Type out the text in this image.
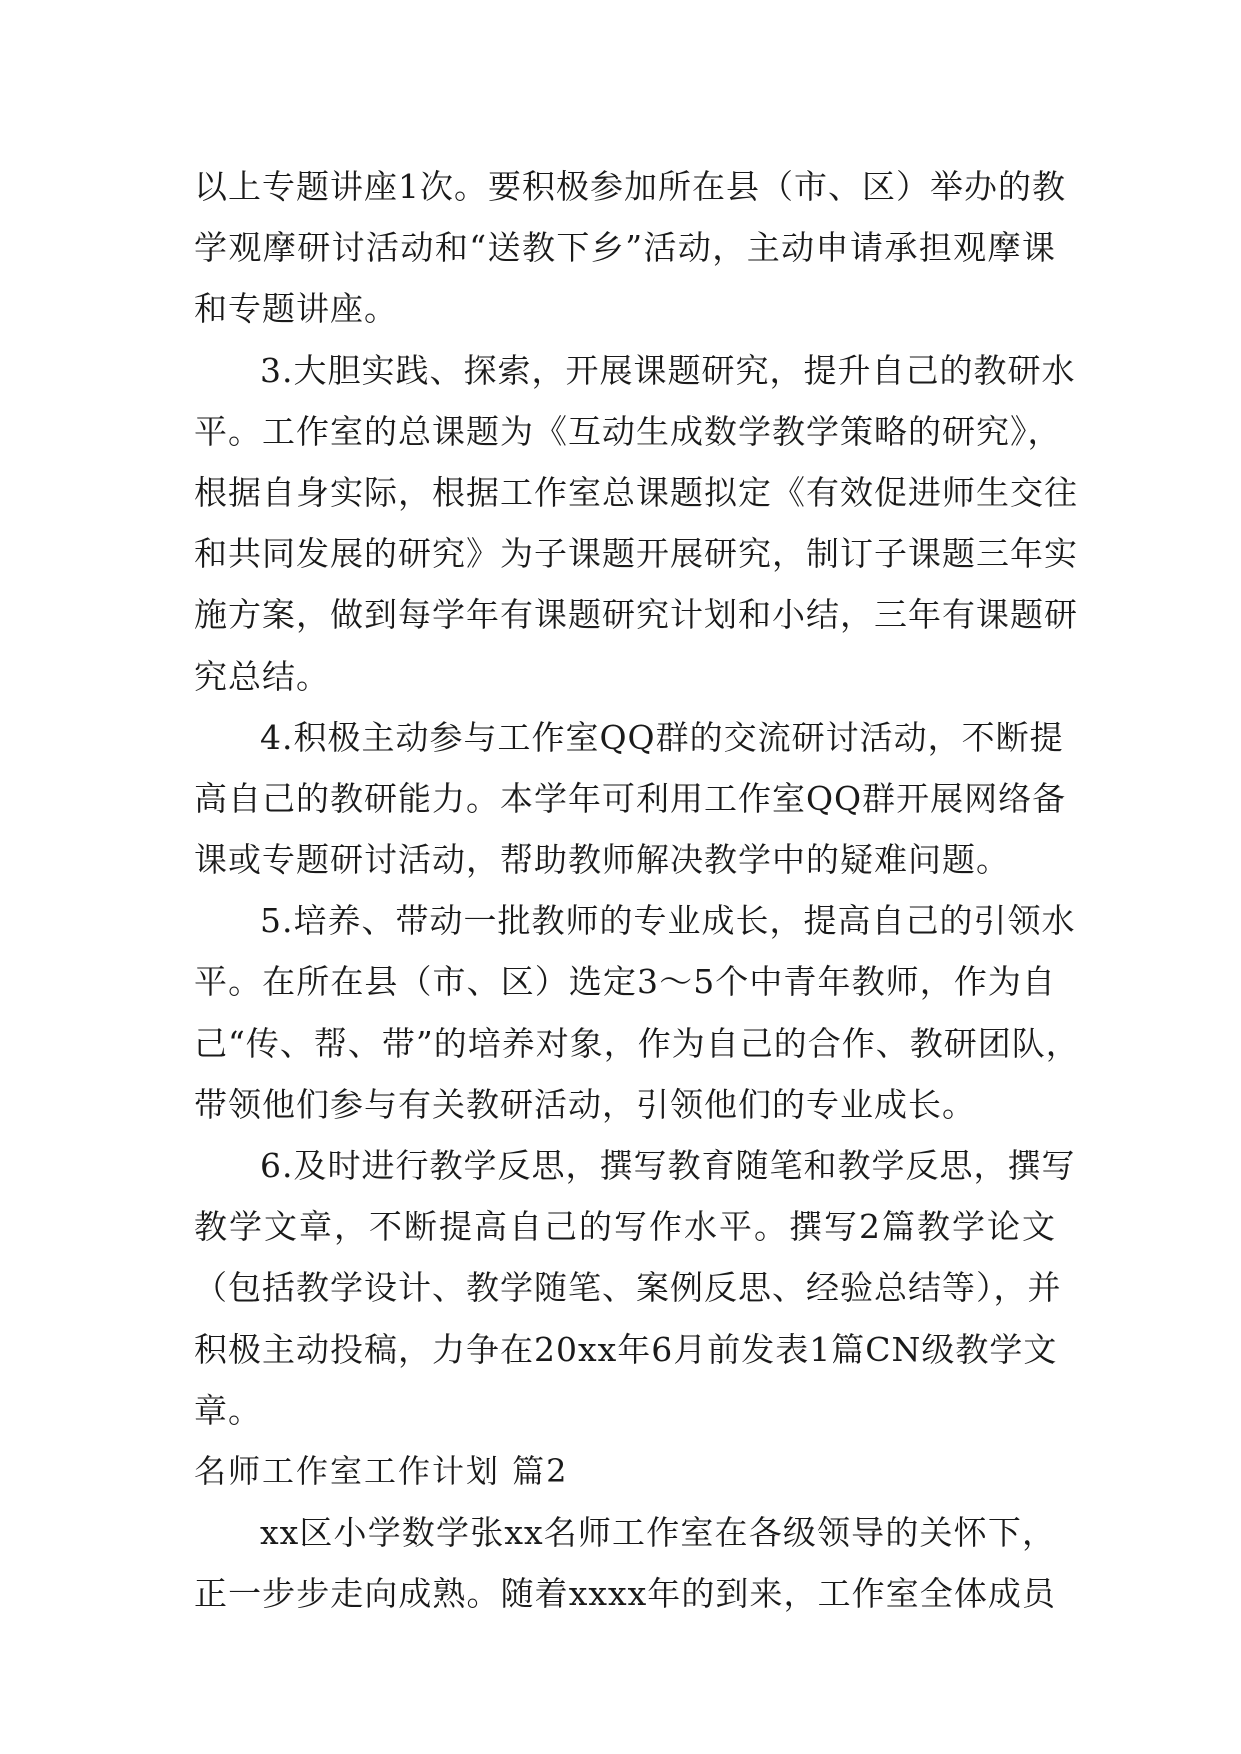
以上专题讲座1次。要积极参加所在县（市、区）举办的教
学观摩研讨活动和“送教下乡”活动，主动申请承担观摩课
和专题讲座。
3.大胆实践、探索，开展课题研究，提升自己的教研水
平。工作室的总课题为《互动生成数学教学策略的研究》，
根据自身实际，根据工作室总课题拟定《有效促进师生交往
和共同发展的研究》为子课题开展研究，制订子课题三年实
施方案，做到每学年有课题研究计划和小结，三年有课题研
究总结。
4.积极主动参与工作室QQ群的交流研讨活动，不断提
高自己的教研能力。本学年可利用工作室QQ群开展网络备
课或专题研讨活动，帮助教师解决教学中的疑难问题。
5.培养、带动一批教师的专业成长，提高自己的引领水
平。在所在县（市、区）选定3～5个中青年教师，作为自
己“传、帮、带”的培养对象，作为自己的合作、教研团队，
带领他们参与有关教研活动，引领他们的专业成长。
6.及时进行教学反思，撰写教育随笔和教学反思，撰写
教学文章，不断提高自己的写作水平。撰写2篇教学论文
（包括教学设计、教学随笔、案例反思、经验总结等），并
积极主动投稿，力争在20xx年6月前发表1篇CN级教学文
章。
名师工作室工作计划 篇2
xx区小学数学张xx名师工作室在各级领导的关怀下，
正一步步走向成熟。随着xxxx年的到来，工作室全体成员
